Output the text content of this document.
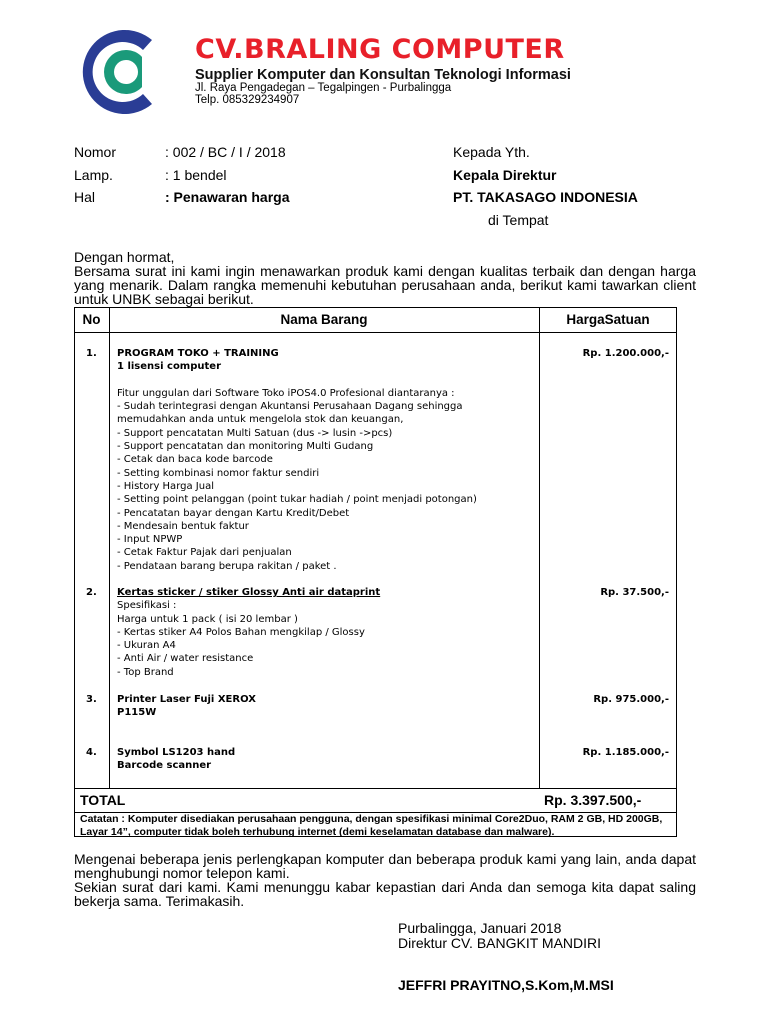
CV.BRALING COMPUTER
Supplier Komputer dan Konsultan Teknologi Informasi
Jl. Raya Pengadegan – Tegalpingen - Purbalingga
Telp. 085329234907
Nomor	: 002 / BC / I / 2018
Lamp.	: 1 bendel
Hal	: Penawaran harga
Kepada Yth.
Kepala Direktur
PT. TAKASAGO INDONESIA
di Tempat
Dengan hormat,
Bersama surat ini kami ingin menawarkan produk kami dengan kualitas terbaik dan dengan harga yang menarik. Dalam rangka memenuhi kebutuhan perusahaan anda, berikut kami tawarkan client untuk UNBK sebagai berikut.
No	Nama Barang	HargaSatuan
1. PROGRAM TOKO + TRAINING
1 lisensi computer
Fitur unggulan dari Software Toko iPOS4.0 Profesional diantaranya :
- Sudah terintegrasi dengan Akuntansi Perusahaan Dagang sehingga
memudahkan anda untuk mengelola stok dan keuangan,
- Support pencatatan Multi Satuan (dus -> lusin ->pcs)
- Support pencatatan dan monitoring Multi Gudang
- Cetak dan baca kode barcode
- Setting kombinasi nomor faktur sendiri
- History Harga Jual
- Setting point pelanggan (point tukar hadiah / point menjadi potongan)
- Pencatatan bayar dengan Kartu Kredit/Debet
- Mendesain bentuk faktur
- Input NPWP
- Cetak Faktur Pajak dari penjualan
- Pendataan barang berupa rakitan / paket .
Rp. 1.200.000,-
2. Kertas sticker / stiker Glossy Anti air dataprint
Spesifikasi :
Harga untuk 1 pack ( isi 20 lembar )
- Kertas stiker A4 Polos Bahan mengkilap / Glossy
- Ukuran A4
- Anti Air / water resistance
- Top Brand
Rp. 37.500,-
3. Printer Laser Fuji XEROX
P115W
Rp. 975.000,-
4. Symbol LS1203 hand
Barcode scanner
Rp. 1.185.000,-
TOTAL	Rp. 3.397.500,-
Catatan : Komputer disediakan perusahaan pengguna, dengan spesifikasi minimal Core2Duo, RAM 2 GB, HD 200GB, Layar 14”, computer tidak boleh terhubung internet (demi keselamatan database dan malware).
Mengenai beberapa jenis perlengkapan komputer dan beberapa produk kami yang lain, anda dapat menghubungi nomor telepon kami.
Sekian surat dari kami. Kami menunggu kabar kepastian dari Anda dan semoga kita dapat saling bekerja sama. Terimakasih.
Purbalingga, Januari 2018
Direktur CV. BANGKIT MANDIRI
JEFFRI PRAYITNO,S.Kom,M.MSI
